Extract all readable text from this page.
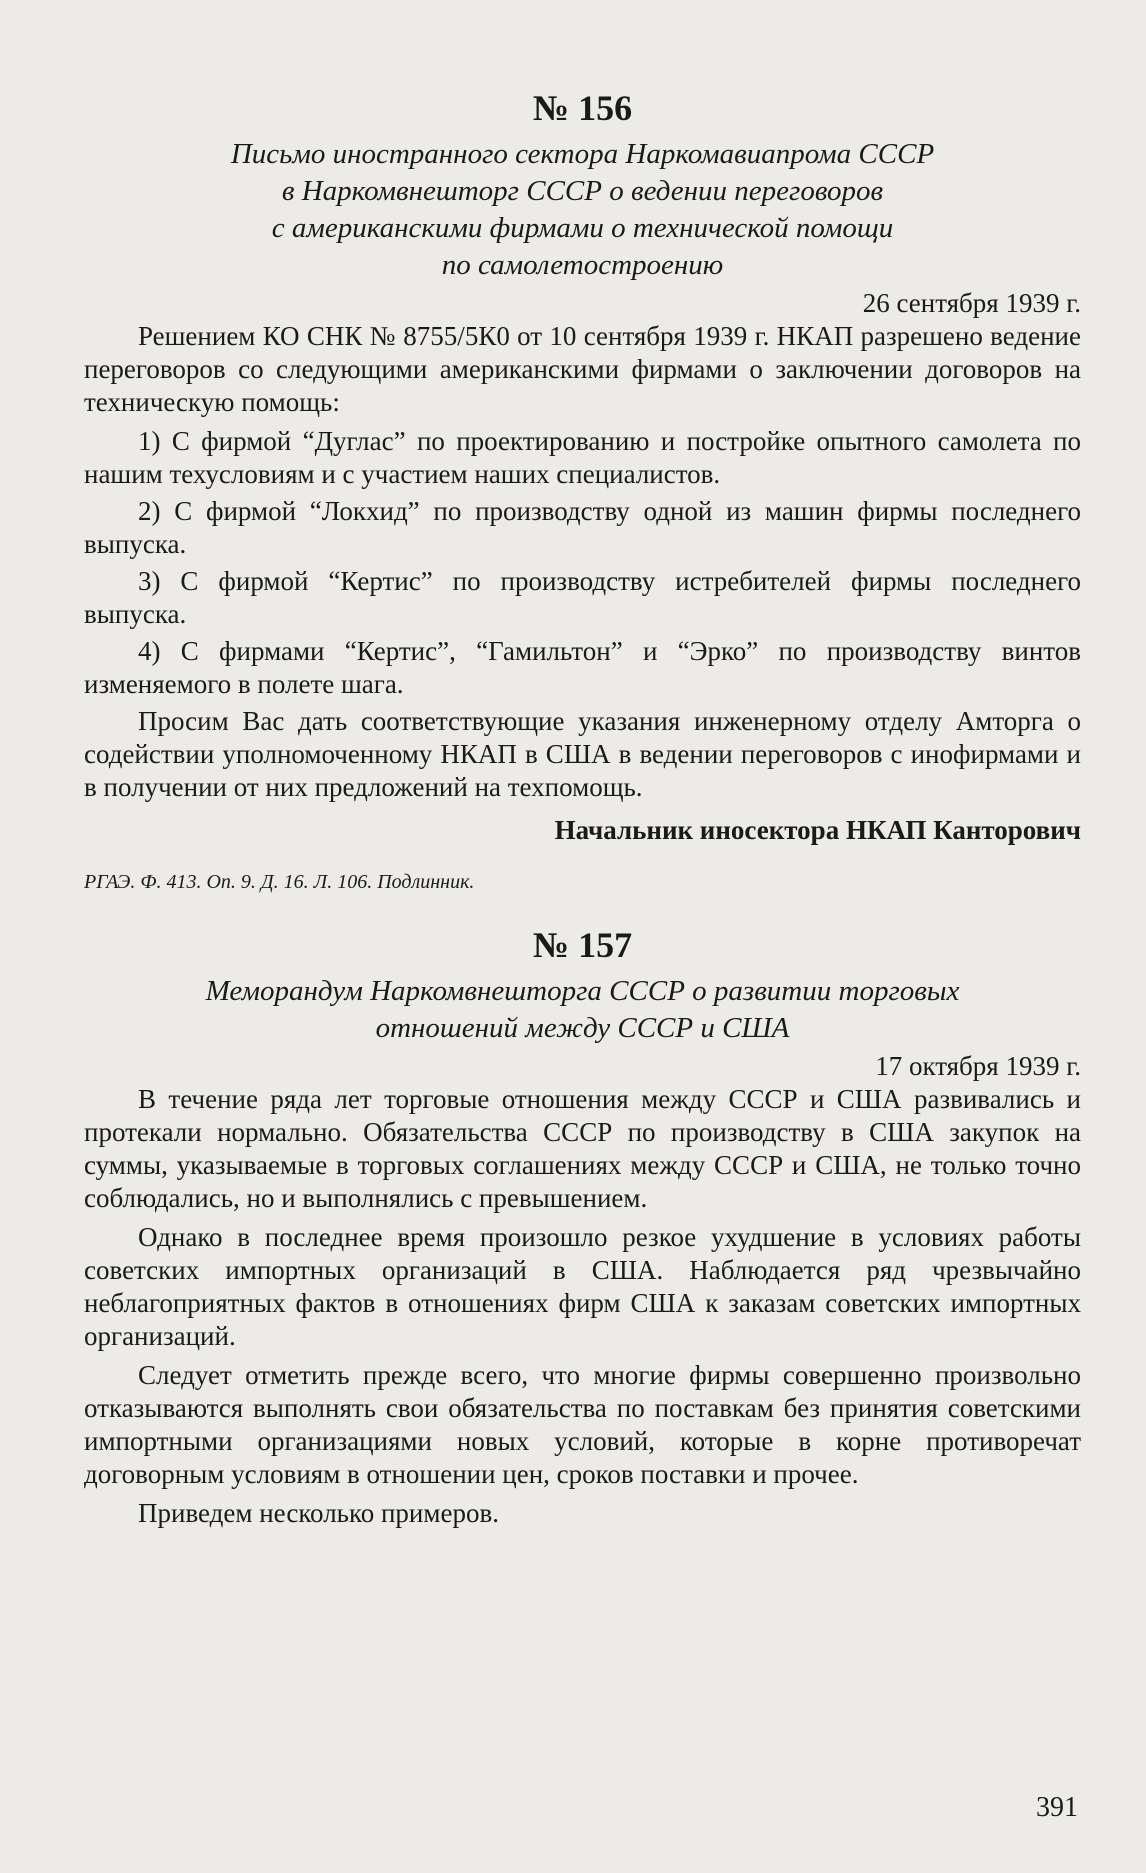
№ 156
Письмо иностранного сектора Наркомавиапрома СССР
в Наркомвнешторг СССР о ведении переговоров
с американскими фирмами о технической помощи
по самолетостроению
26 сентября 1939 г.

Решением КО СНК № 8755/5К0 от 10 сентября 1939 г. НКАП разрешено ведение переговоров со следующими американскими фирмами о заключении договоров на техническую помощь:

1) С фирмой “Дуглас” по проектированию и постройке опытного самолета по нашим техусловиям и с участием наших специалистов.

2) С фирмой “Локхид” по производству одной из машин фирмы последнего выпуска.

3) С фирмой “Кертис” по производству истребителей фирмы последнего выпуска.

4) С фирмами “Кертис”, “Гамильтон” и “Эрко” по производству винтов изменяемого в полете шага.

Просим Вас дать соответствующие указания инженерному отделу Амторга о содействии уполномоченному НКАП в США в ведении переговоров с инофирмами и в получении от них предложений на техпомощь.

Начальник иносектора НКАП Канторович
РГАЭ. Ф. 413. Оп. 9. Д. 16. Л. 106. Подлинник.
№ 157
Меморандум Наркомвнешторга СССР о развитии торговых
отношений между СССР и США
17 октября 1939 г.

В течение ряда лет торговые отношения между СССР и США развивались и протекали нормально. Обязательства СССР по производству в США закупок на суммы, указываемые в торговых соглашениях между СССР и США, не только точно соблюдались, но и выполнялись с превышением.

Однако в последнее время произошло резкое ухудшение в условиях работы советских импортных организаций в США. Наблюдается ряд чрезвычайно неблагоприятных фактов в отношениях фирм США к заказам советских импортных организаций.

Следует отметить прежде всего, что многие фирмы совершенно произвольно отказываются выполнять свои обязательства по поставкам без принятия советскими импортными организациями новых условий, которые в корне противоречат договорным условиям в отношении цен, сроков поставки и прочее.

Приведем несколько примеров.

391
